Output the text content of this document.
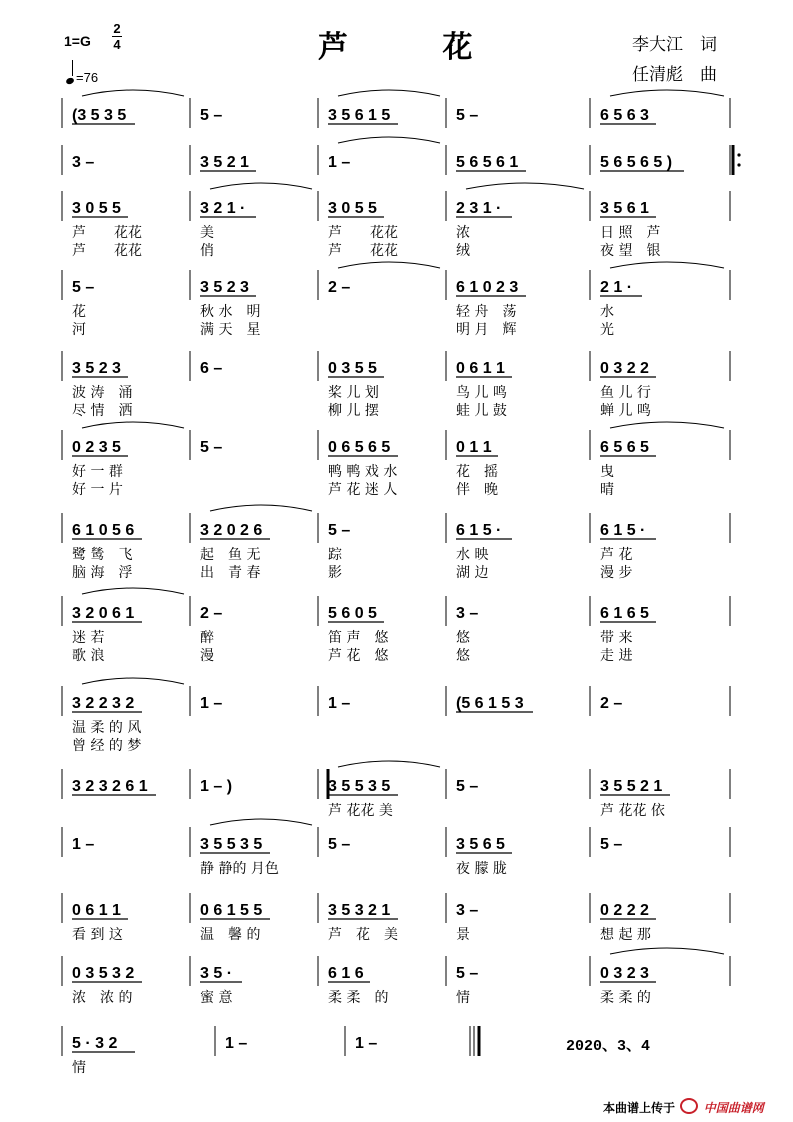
芦 花
1=G
2
4
=76
李大江　词
任清彪　曲
(3 5 3 5	5 –	3 5 6 1 5	5 –	6 5 6 3
3 –	3 5 2 1	1 –	5 6 5 6 1	5 6 5 6 5 )
3 0 5 5
芦　　花花
芦　　花花
3 2 1 ·
美
俏
3 0 5 5
芦　　花花
芦　　花花
2 3 1 ·
浓
绒
3 5 6 1
日 照　芦
夜 望　银
5 –
花
河
3 5 2 3
秋 水　明
满 天　星
2 –	6 1 0 2 3
轻 舟　荡
明 月　辉
2 1 ·
水
光
3 5 2 3
波 涛　涌
尽 情　洒
6 –	0 3 5 5
桨 儿 划
柳 儿 摆
0 6 1 1
鸟 儿 鸣
蛙 儿 鼓
0 3 2 2
鱼 儿 行
蝉 儿 鸣
0 2 3 5
好 一 群
好 一 片
5 –	0 6 5 6 5
鸭 鸭 戏 水
芦 花 迷 人
0 1 1
花　摇
伴　晚
6 5 6 5
曳
晴
6 1 0 5 6
鹭 鸶　飞
脑 海　浮
3 2 0 2 6
起　鱼 无
出　青 春
5 –
踪
影
6 1 5 ·
水 映
湖 边
6 1 5 ·
芦 花
漫 步
3 2 0 6 1
迷 若
歌 浪
2 –
醉
漫
5 6 0 5
笛 声　悠
芦 花　悠
3 –
悠
悠
6 1 6 5
带 来
走 进
3 2 2 3 2
温 柔 的 风
曾 经 的 梦
1 –	1 –	(5 6 1 5 3	2 –
3 2 3 2 6 1	1 – )	3 5 5 3 5
芦 花花 美
5 –	3 5 5 2 1
芦 花花 依
1 –	3 5 5 3 5
静 静的 月色
5 –	3 5 6 5
夜 朦 胧
5 –
0 6 1 1
看 到 这
0 6 1 5 5
温　馨 的
3 5 3 2 1
芦　花　美
3 –
景
0 2 2 2
想 起 那
0 3 5 3 2
浓　浓 的
3 5 ·
蜜 意
6 1 6
柔 柔　的
5 –
情
0 3 2 3
柔 柔 的
5 · 3 2
情
1 –	1 –	2020、3、4
本曲谱上传于 中国曲谱网
